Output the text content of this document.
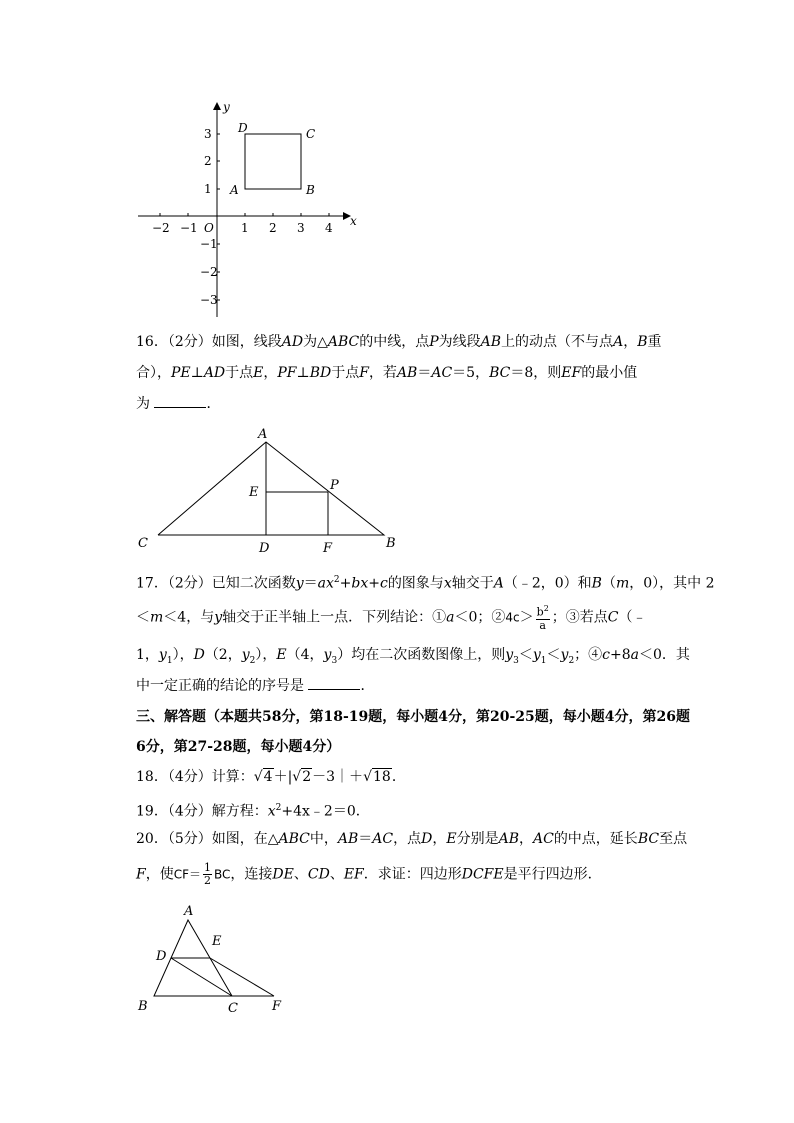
−2 −1 O 1 2 3 4
3
2
1
−1
−2
−3
x
y
A	B
C
D
16．（2分）如图，线段AD为△ABC的中线，点P为线段AB上的动点（不与点A，B重
合），PE⊥AD于点E，PF⊥BD于点F，若AB＝AC＝5，BC＝8，则EF的最小值
为	．
A
C	B
D	F
E	P
17．（2分）已知二次函数$y=ax^2+bx+c$的图象与x轴交于A（﹣2，0）和B（m，0），其中 2
＜m＜4，与y轴交于正半轴上一点．下列结论：①a＜0；②4c＞ $\frac{b^2}{a}$ ；③若点C（﹣
1，$y_1$），D（2，$y_2$），E（4，$y_3$）均在二次函数图像上，则$y_3<y_1<y_2$；④c+8a＜0．其
中一定正确的结论的序号是	．
三、解答题（本题共58分，第18-19题，每小题4分，第20-25题，每小题4分，第26题
6分，第27-28题，每小题4分）
18．（4分）计算：√4＋|√2－3｜＋√18．
19．（4分）解方程：$x^2+4x﹣2=0$．
20．（5分）如图，在△ABC中，AB＝AC，点D，E分别是AB，AC的中点，延长BC至点
F，使$CF= \frac{1}{2}$ BC，连接DE、CD、EF．求证：四边形DCFE是平行四边形．
A
B	C
D
E
F
